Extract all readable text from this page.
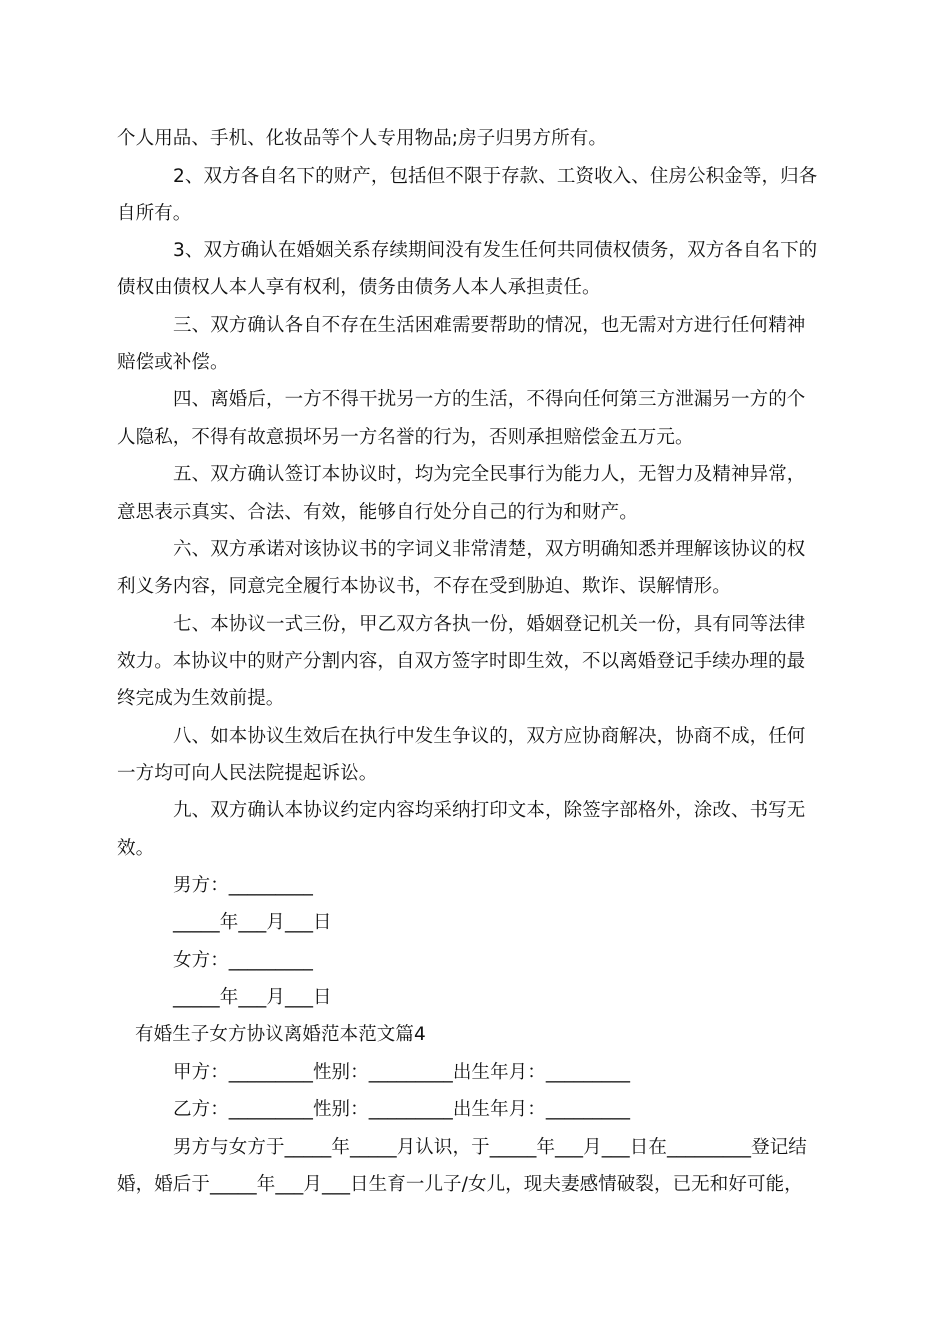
个人用品、手机、化妆品等个人专用物品;房子归男方所有。
2、双方各自名下的财产，包括但不限于存款、工资收入、住房公积金等，归各
自所有。
3、双方确认在婚姻关系存续期间没有发生任何共同债权债务，双方各自名下的
债权由债权人本人享有权利，债务由债务人本人承担责任。
三、双方确认各自不存在生活困难需要帮助的情况，也无需对方进行任何精神
赔偿或补偿。
四、离婚后，一方不得干扰另一方的生活，不得向任何第三方泄漏另一方的个
人隐私，不得有故意损坏另一方名誉的行为，否则承担赔偿金五万元。
五、双方确认签订本协议时，均为完全民事行为能力人，无智力及精神异常，
意思表示真实、合法、有效，能够自行处分自己的行为和财产。
六、双方承诺对该协议书的字词义非常清楚，双方明确知悉并理解该协议的权
利义务内容，同意完全履行本协议书，不存在受到胁迫、欺诈、误解情形。
七、本协议一式三份，甲乙双方各执一份，婚姻登记机关一份，具有同等法律
效力。本协议中的财产分割内容，自双方签字时即生效，不以离婚登记手续办理的最
终完成为生效前提。
八、如本协议生效后在执行中发生争议的，双方应协商解决，协商不成，任何
一方均可向人民法院提起诉讼。
九、双方确认本协议约定内容均采纳打印文本，除签字部格外，涂改、书写无
效。
男方：_________
_____年___月___日
女方：_________
_____年___月___日
有婚生子女方协议离婚范本范文篇4
甲方：_________性别：_________出生年月：_________
乙方：_________性别：_________出生年月：_________
男方与女方于_____年_____月认识，于_____年___月___日在_________登记结
婚，婚后于_____年___月___日生育一儿子/女儿，现夫妻感情破裂，已无和好可能，
